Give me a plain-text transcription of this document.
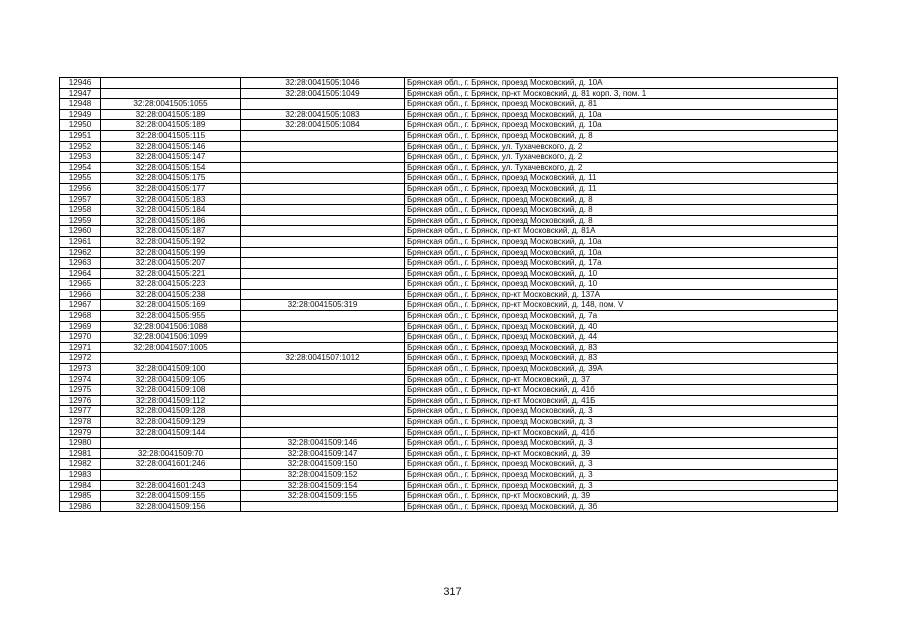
12946		32:28:0041505:1046	Брянская обл., г. Брянск, проезд Московский, д. 10А
12947		32:28:0041505:1049	Брянская обл., г. Брянск, пр-кт Московский, д. 81 корп. 3, пом. 1
12948	32:28:0041505:1055		Брянская обл., г. Брянск, проезд Московский, д. 81
12949	32:28:0041505:189	32:28:0041505:1083	Брянская обл., г. Брянск, проезд Московский, д. 10а
12950	32:28:0041505:189	32:28:0041505:1084	Брянская обл., г. Брянск, проезд Московский, д. 10а
12951	32:28:0041505:115		Брянская обл., г. Брянск, проезд Московский, д. 8
12952	32:28:0041505:146		Брянская обл., г. Брянск, ул. Тухачевского, д. 2
12953	32:28:0041505:147		Брянская обл., г. Брянск, ул. Тухачевского, д. 2
12954	32:28:0041505:154		Брянская обл., г. Брянск, ул. Тухачевского, д. 2
12955	32:28:0041505:175		Брянская обл., г. Брянск, проезд Московский, д. 11
12956	32:28:0041505:177		Брянская обл., г. Брянск, проезд Московский, д. 11
12957	32:28:0041505:183		Брянская обл., г. Брянск, проезд Московский, д. 8
12958	32:28:0041505:184		Брянская обл., г. Брянск, проезд Московский, д. 8
12959	32:28:0041505:186		Брянская обл., г. Брянск, проезд Московский, д. 8
12960	32:28:0041505:187		Брянская обл., г. Брянск, пр-кт Московский, д. 81А
12961	32:28:0041505:192		Брянская обл., г. Брянск, проезд Московский, д. 10а
12962	32:28:0041505:199		Брянская обл., г. Брянск, проезд Московский, д. 10а
12963	32:28:0041505:207		Брянская обл., г. Брянск, проезд Московский, д. 17а
12964	32:28:0041505:221		Брянская обл., г. Брянск, проезд Московский, д. 10
12965	32:28:0041505:223		Брянская обл., г. Брянск, проезд Московский, д. 10
12966	32:28:0041505:238		Брянская обл., г. Брянск, пр-кт Московский, д. 137А
12967	32:28:0041505:169	32:28:0041505:319	Брянская обл., г. Брянск, пр-кт Московский, д. 148, пом. V
12968	32:28:0041505:955		Брянская обл., г. Брянск, проезд Московский, д. 7а
12969	32:28:0041506:1088		Брянская обл., г. Брянск, проезд Московский, д. 40
12970	32:28:0041506:1099		Брянская обл., г. Брянск, проезд Московский, д. 44
12971	32:28:0041507:1005		Брянская обл., г. Брянск, проезд Московский, д. 83
12972		32:28:0041507:1012	Брянская обл., г. Брянск, проезд Московский, д. 83
12973	32:28:0041509:100		Брянская обл., г. Брянск, проезд Московский, д. 39А
12974	32:28:0041509:105		Брянская обл., г. Брянск, пр-кт Московский, д. 37
12975	32:28:0041509:108		Брянская обл., г. Брянск, пр-кт Московский, д. 41б
12976	32:28:0041509:112		Брянская обл., г. Брянск, пр-кт Московский, д. 41Б
12977	32:28:0041509:128		Брянская обл., г. Брянск, проезд Московский, д. 3
12978	32:28:0041509:129		Брянская обл., г. Брянск, проезд Московский, д. 3
12979	32:28:0041509:144		Брянская обл., г. Брянск, пр-кт Московский, д. 41б
12980		32:28:0041509:146	Брянская обл., г. Брянск, проезд Московский, д. 3
12981	32:28:0041509:70	32:28:0041509:147	Брянская обл., г. Брянск, пр-кт Московский, д. 39
12982	32:28:0041601:246	32:28:0041509:150	Брянская обл., г. Брянск, проезд Московский, д. 3
12983		32:28:0041509:152	Брянская обл., г. Брянск, проезд Московский, д. 3
12984	32:28:0041601:243	32:28:0041509:154	Брянская обл., г. Брянск, проезд Московский, д. 3
12985	32:28:0041509:155	32:28:0041509:155	Брянская обл., г. Брянск, пр-кт Московский, д. 39
12986	32:28:0041509:156		Брянская обл., г. Брянск, проезд Московский, д. 3б
317
